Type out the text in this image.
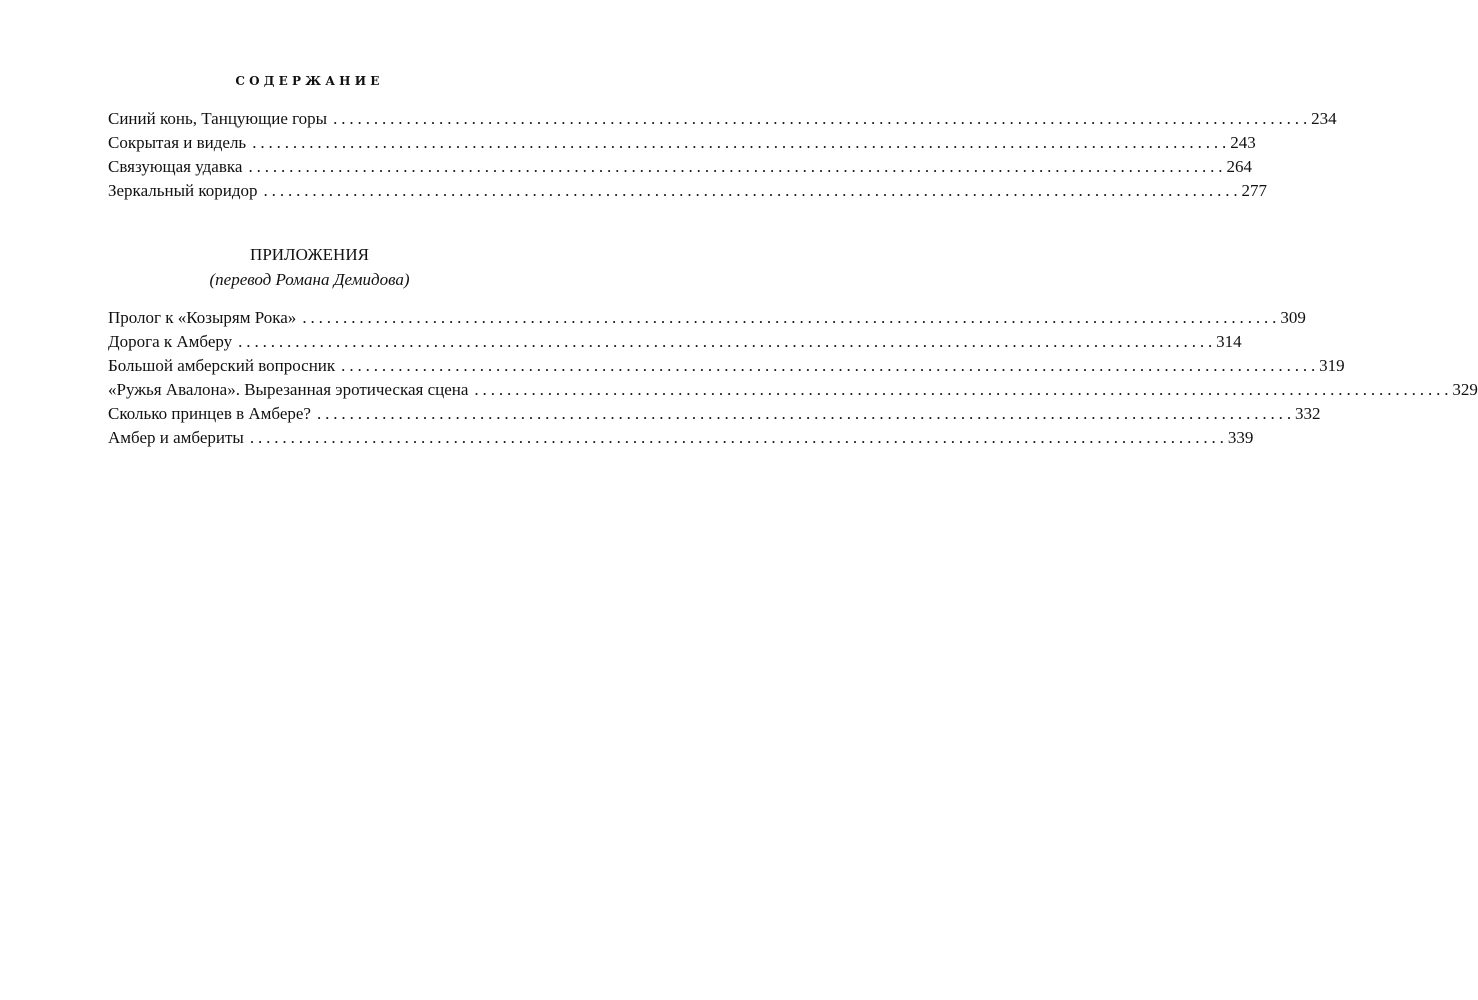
СОДЕРЖАНИЕ
Синий конь, Танцующие горы ........................................................................................................................ 234
Сокрытая и видель ........................................................................................................................ 243
Связующая удавка ........................................................................................................................ 264
Зеркальный коридор ........................................................................................................................ 277
ПРИЛОЖЕНИЯ
(перевод Романа Демидова)
Пролог к «Козырям Рока» ........................................................................................................................ 309
Дорога к Амберу ........................................................................................................................ 314
Большой амберский вопросник ........................................................................................................................ 319
«Ружья Авалона». Вырезанная эротическая сцена ........................................................................................................................ 329
Сколько принцев в Амбере? ........................................................................................................................ 332
Амбер и амбериты ........................................................................................................................ 339
